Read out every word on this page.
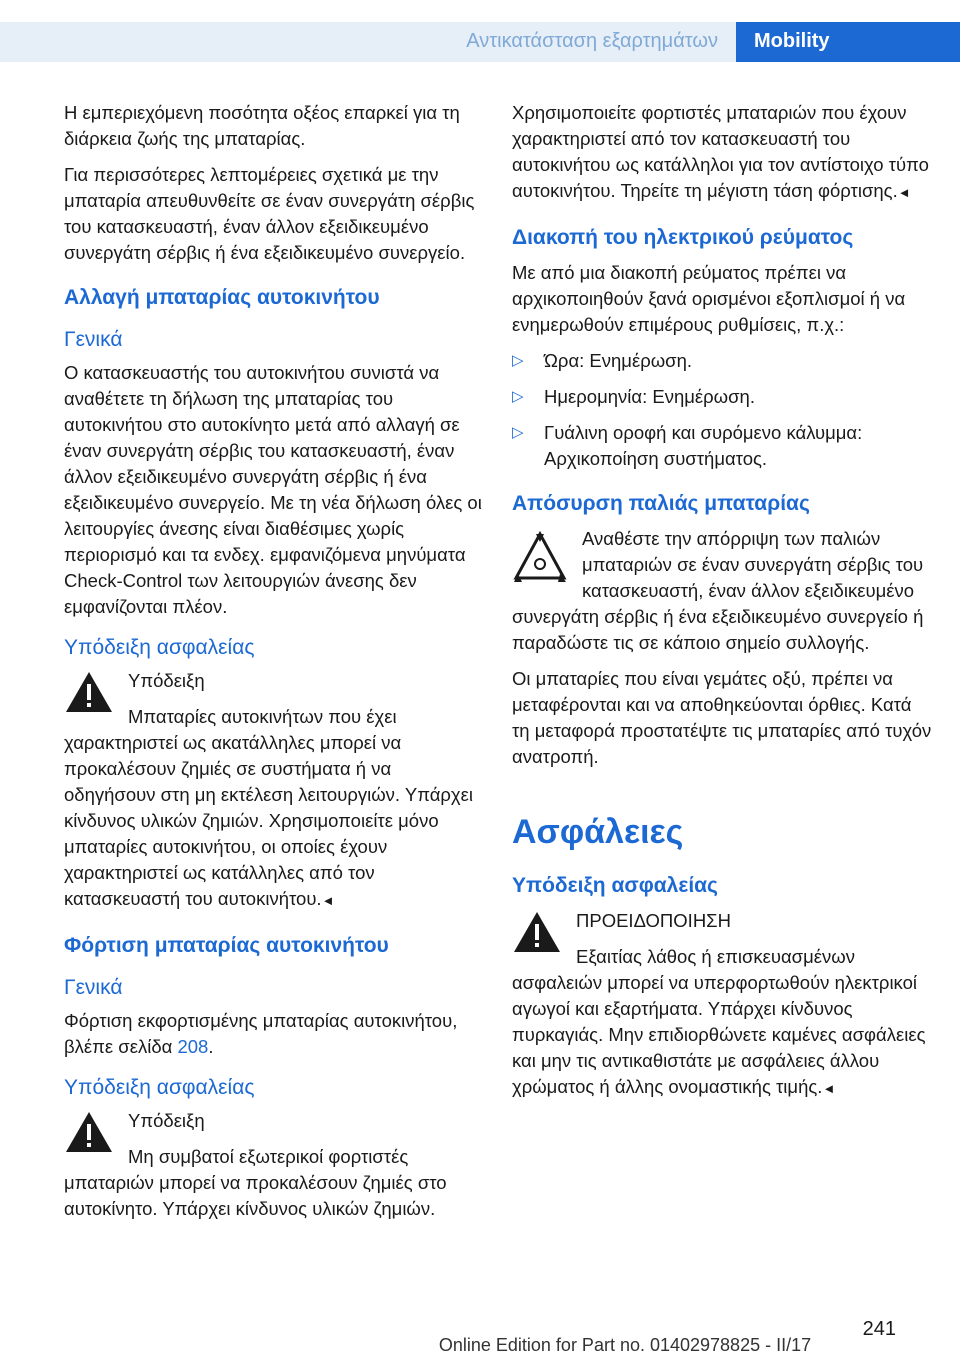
Αντικατάσταση εξαρτημάτων Mobility

Η εμπεριεχόμενη ποσότητα οξέος επαρκεί για τη διάρκεια ζωής της μπαταρίας.

Για περισσότερες λεπτομέρειες σχετικά με την μπαταρία απευθυνθείτε σε έναν συνεργάτη σέρβις του κατασκευαστή, έναν άλλον εξειδικευμένο συνεργάτη σέρβις ή ένα εξειδικευμένο συνεργείο.

Αλλαγή μπαταρίας αυτοκινήτου
Γενικά

Ο κατασκευαστής του αυτοκινήτου συνιστά να αναθέτετε τη δήλωση της μπαταρίας του αυτοκινήτου στο αυτοκίνητο μετά από αλλαγή σε έναν συνεργάτη σέρβις του κατασκευαστή, έναν άλλον εξειδικευμένο συνεργάτη σέρβις ή ένα εξειδικευμένο συνεργείο. Με τη νέα δήλωση όλες οι λειτουργίες άνεσης είναι διαθέσιμες χωρίς περιορισμό και τα ενδεχ. εμφανιζόμενα μηνύματα Check-Control των λειτουργιών άνεσης δεν εμφανίζονται πλέον.

Υπόδειξη ασφαλείας

Υπόδειξη

Μπαταρίες αυτοκινήτων που έχει χαρακτηριστεί ως ακατάλληλες μπορεί να προκαλέσουν ζημιές σε συστήματα ή να οδηγήσουν στη μη εκτέλεση λειτουργιών. Υπάρχει κίνδυνος υλικών ζημιών. Χρησιμοποιείτε μόνο μπαταρίες αυτοκινήτου, οι οποίες έχουν χαρακτηριστεί ως κατάλληλες από τον κατασκευαστή του αυτοκινήτου.◄

Φόρτιση μπαταρίας αυτοκινήτου
Γενικά

Φόρτιση εκφορτισμένης μπαταρίας αυτοκινήτου, βλέπε σελίδα 208.

Υπόδειξη ασφαλείας

Υπόδειξη

Μη συμβατοί εξωτερικοί φορτιστές μπαταριών μπορεί να προκαλέσουν ζημιές στο αυτοκίνητο. Υπάρχει κίνδυνος υλικών ζημιών.

Χρησιμοποιείτε φορτιστές μπαταριών που έχουν χαρακτηριστεί από τον κατασκευαστή του αυτοκινήτου ως κατάλληλοι για τον αντίστοιχο τύπο αυτοκινήτου. Τηρείτε τη μέγιστη τάση φόρτισης.◄

Διακοπή του ηλεκτρικού ρεύματος

Με από μια διακοπή ρεύματος πρέπει να αρχικοποιηθούν ξανά ορισμένοι εξοπλισμοί ή να ενημερωθούν επιμέρους ρυθμίσεις, π.χ.:

▷ Ώρα: Ενημέρωση.
▷ Ημερομηνία: Ενημέρωση.
▷ Γυάλινη οροφή και συρόμενο κάλυμμα: Αρχικοποίηση συστήματος.
Απόσυρση παλιάς μπαταρίας

Αναθέστε την απόρριψη των παλιών μπαταριών σε έναν συνεργάτη σέρβις του κατασκευαστή, έναν άλλον εξειδικευμένο συνεργάτη σέρβις ή ένα εξειδικευμένο συνεργείο ή παραδώστε τις σε κάποιο σημείο συλλογής.

Οι μπαταρίες που είναι γεμάτες οξύ, πρέπει να μεταφέρονται και να αποθηκεύονται όρθιες. Κατά τη μεταφορά προστατέψτε τις μπαταρίες από τυχόν ανατροπή.

Ασφάλειες
Υπόδειξη ασφαλείας

ΠΡΟΕΙΔΟΠΟΙΗΣΗ

Εξαιτίας λάθος ή επισκευασμένων ασφαλειών μπορεί να υπερφορτωθούν ηλεκτρικοί αγωγοί και εξαρτήματα. Υπάρχει κίνδυνος πυρκαγιάς. Μην επιδιορθώνετε καμένες ασφάλειες και μην τις αντικαθιστάτε με ασφάλειες άλλου χρώματος ή άλλης ονομαστικής τιμής.◄

241
Online Edition for Part no. 01402978825 - II/17
